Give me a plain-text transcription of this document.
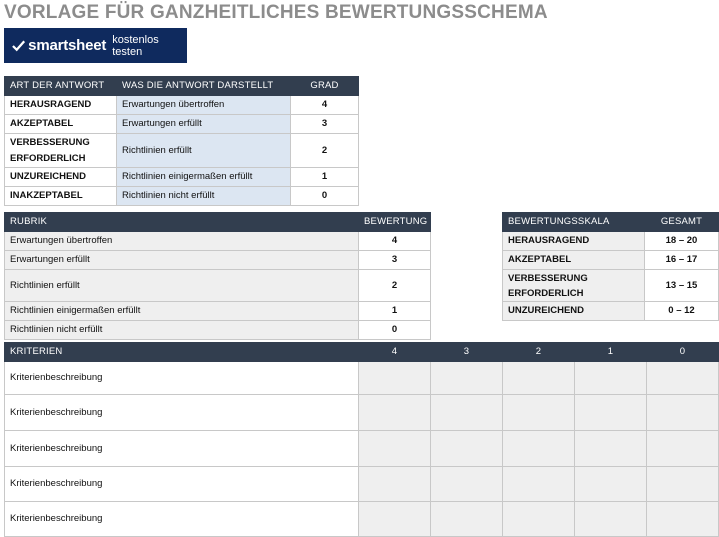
VORLAGE FÜR GANZHEITLICHES BEWERTUNGSSCHEMA
smartsheet kostenlos testen
ART DER ANTWORT	WAS DIE ANTWORT DARSTELLT	GRAD
HERAUSRAGEND	Erwartungen übertroffen	4
AKZEPTABEL	Erwartungen erfüllt	3
VERBESSERUNG
ERFORDERLICH	Richtlinien erfüllt	2
UNZUREICHEND	Richtlinien einigermaßen erfüllt	1
INAKZEPTABEL	Richtlinien nicht erfüllt	0
RUBRIK	BEWERTUNG
Erwartungen übertroffen	4
Erwartungen erfüllt	3
Richtlinien erfüllt	2
Richtlinien einigermaßen erfüllt	1
Richtlinien nicht erfüllt	0
BEWERTUNGSSKALA	GESAMT
HERAUSRAGEND	18 – 20
AKZEPTABEL	16 – 17
VERBESSERUNG
ERFORDERLICH	13 – 15
UNZUREICHEND	0 – 12
KRITERIEN	4	3	2	1	0
Kriterienbeschreibung					
Kriterienbeschreibung					
Kriterienbeschreibung					
Kriterienbeschreibung					
Kriterienbeschreibung					
